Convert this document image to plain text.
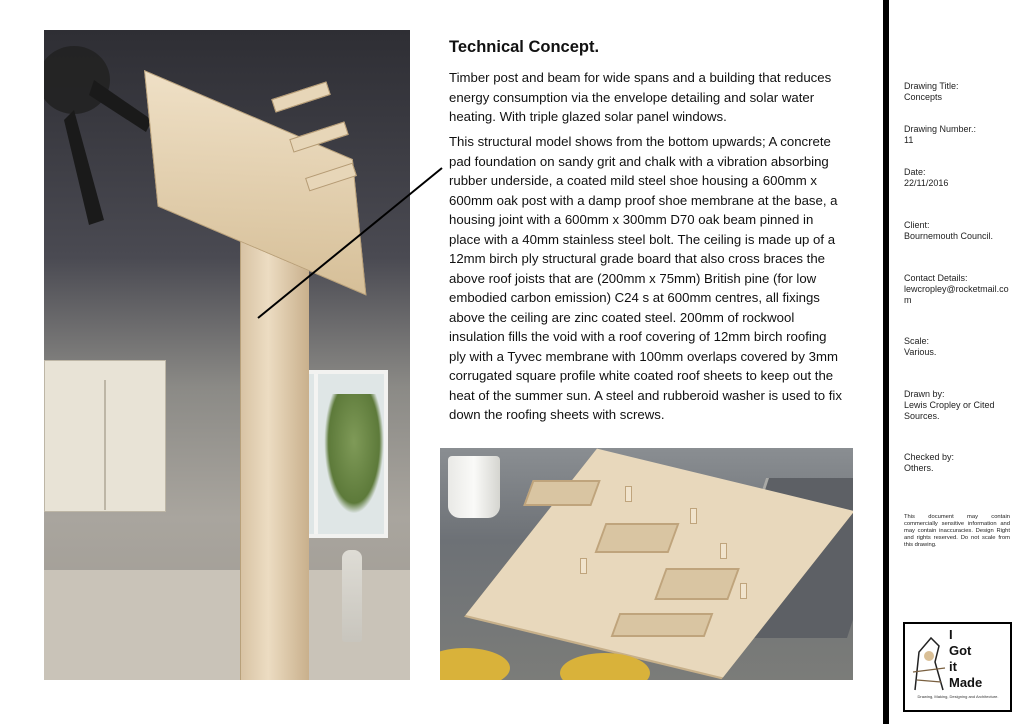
Technical Concept.

Timber post and beam for wide spans and a building that reduces energy consumption via the envelope detailing and solar water heating. With triple glazed solar panel windows.

This structural model shows from the bottom upwards; A concrete pad foundation on sandy grit and chalk with a vibration absorbing rubber underside, a coated mild steel shoe housing a 600mm x 600mm oak post with a damp proof shoe membrane at the base, a housing joint with a 600mm x 300mm D70 oak beam pinned in place with a 40mm stainless steel bolt. The ceiling is made up of a 12mm birch ply structural grade board that also cross braces the above roof joists that are (200mm x 75mm) British pine (for low embodied carbon emission) C24 s at 600mm centres, all fixings above the ceiling are zinc coated steel. 200mm of rockwool insulation fills the void with a roof covering of 12mm birch roofing ply with a Tyvec membrane with 100mm overlaps covered by 3mm corrugated square profile white coated roof sheets to keep out the heat of the summer sun. A steel and rubberoid washer is used to fix down the roofing sheets with screws.

Drawing Title:
Concepts
Drawing Number.:
11
Date:
22/11/2016
Client:
Bournemouth Council.
Contact Details:
lewcropley@rocketmail.com
Scale:
Various.
Drawn by:
Lewis Cropley or Cited Sources.
Checked by:
Others.
This document may contain commercially sensitive information and may contain inaccuracies. Design Right and rights reserved. Do not scale from this drawing.
I
Got
it
Made
Drawing, Making, Designing and Architecture.
